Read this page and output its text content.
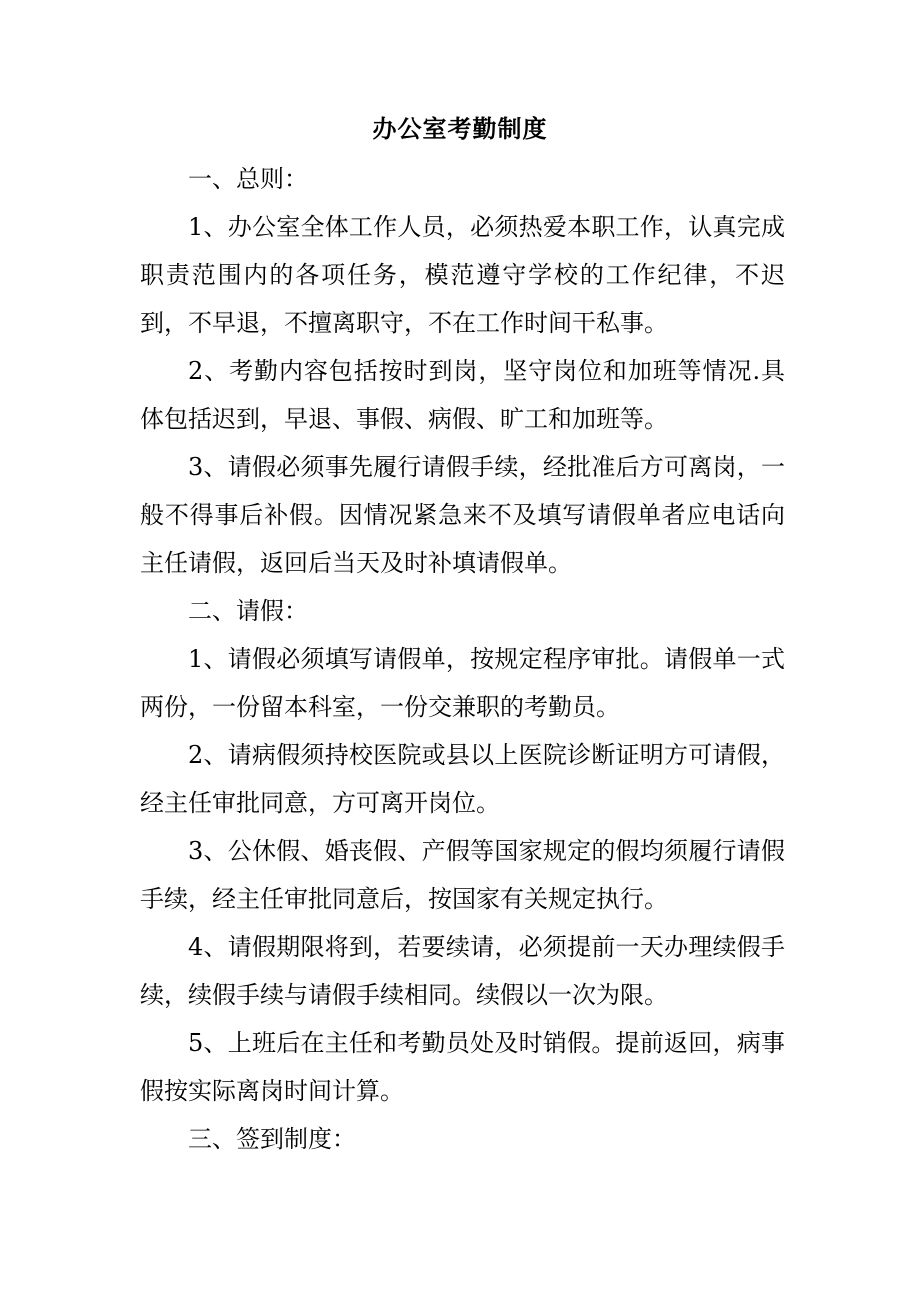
办公室考勤制度

一、总则：

1、办公室全体工作人员，必须热爱本职工作，认真完成职责范围内的各项任务，模范遵守学校的工作纪律，不迟到，不早退，不擅离职守，不在工作时间干私事。

2、考勤内容包括按时到岗，坚守岗位和加班等情况.具体包括迟到，早退、事假、病假、旷工和加班等。

3、请假必须事先履行请假手续，经批准后方可离岗，一般不得事后补假。因情况紧急来不及填写请假单者应电话向主任请假，返回后当天及时补填请假单。

二、请假：

1、请假必须填写请假单，按规定程序审批。请假单一式两份，一份留本科室，一份交兼职的考勤员。

2、请病假须持校医院或县以上医院诊断证明方可请假，经主任审批同意，方可离开岗位。

3、公休假、婚丧假、产假等国家规定的假均须履行请假手续，经主任审批同意后，按国家有关规定执行。

4、请假期限将到，若要续请，必须提前一天办理续假手续，续假手续与请假手续相同。续假以一次为限。

5、上班后在主任和考勤员处及时销假。提前返回，病事假按实际离岗时间计算。

三、签到制度：
